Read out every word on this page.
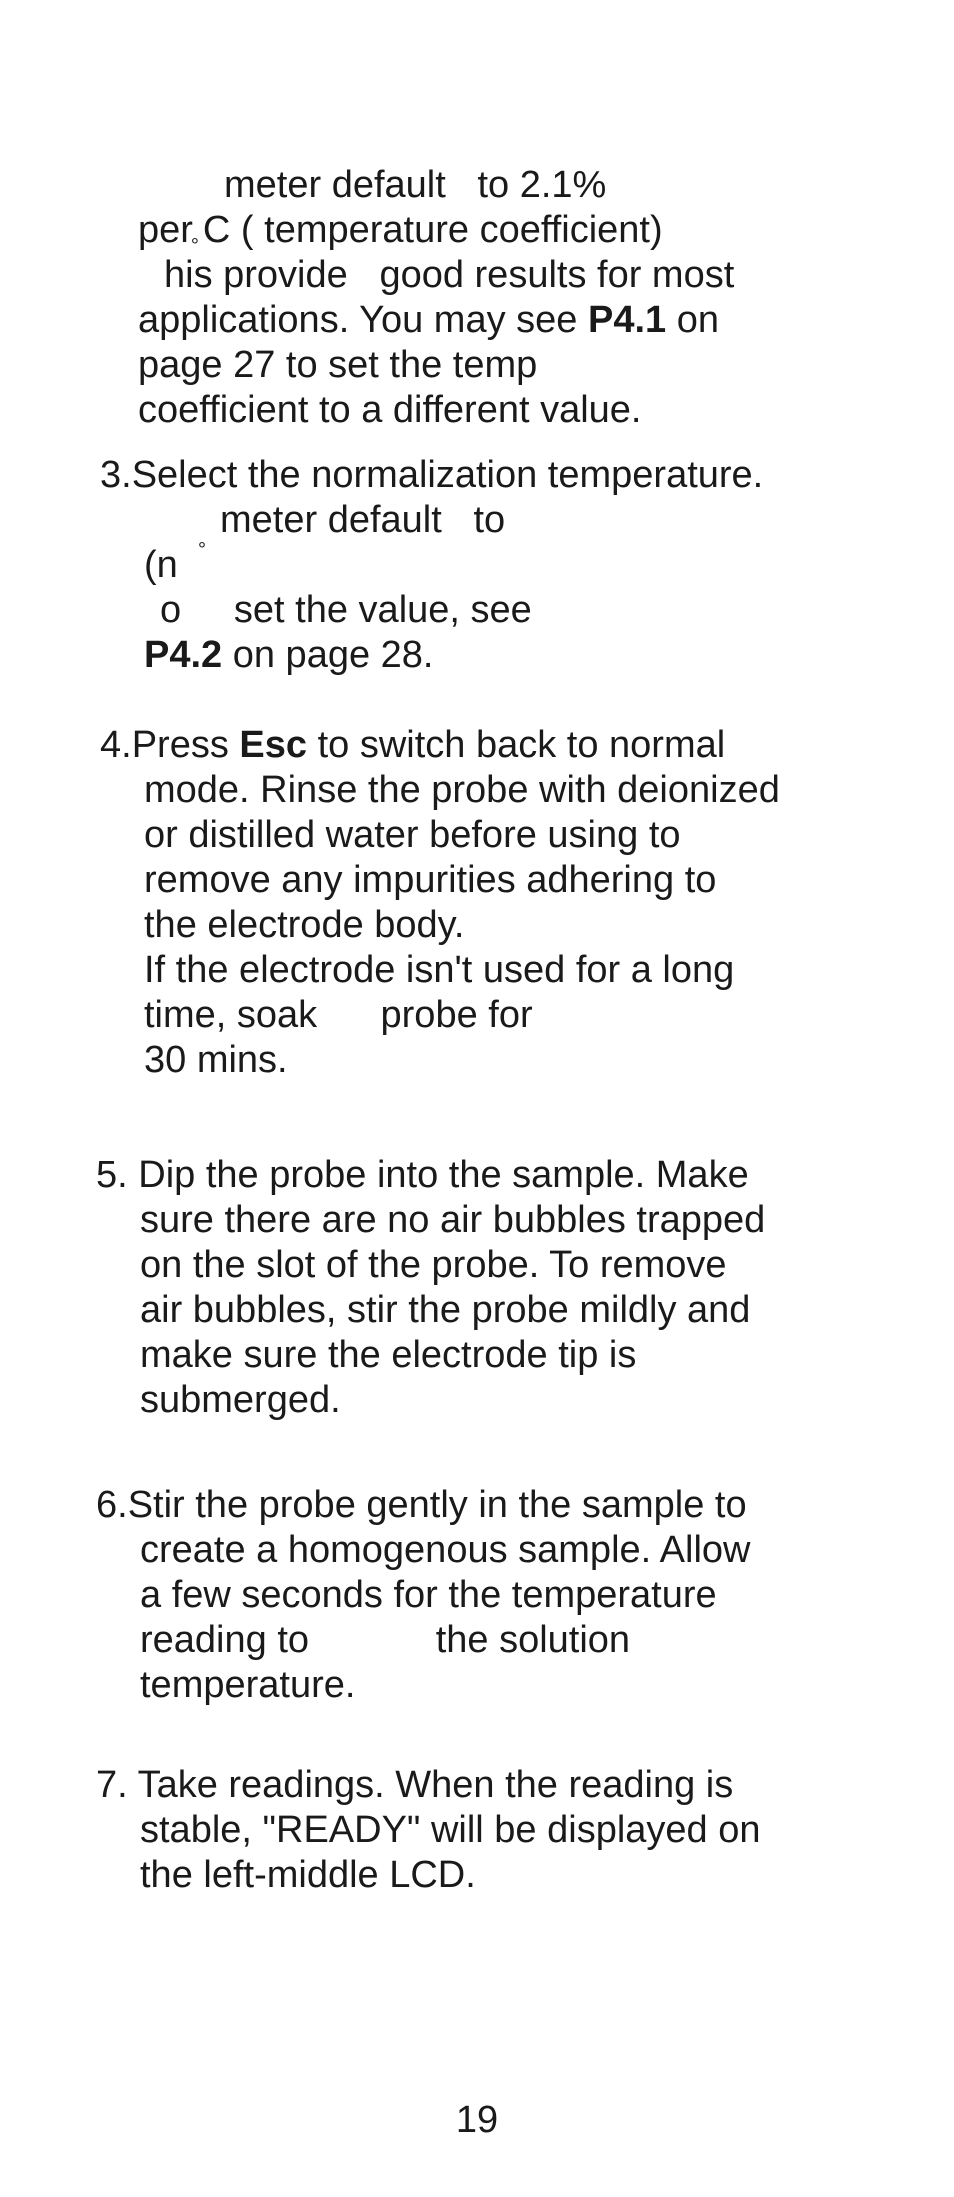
meter default   to 2.1%
per
° C ( temperature coefficient)
his provide   good results for most
applications. You may see P4.1 on
page 27 to set the temp
coefficient to a different value.
3.Select the normalization temperature.
meter default   to
°
(n
o     set the value, see
P4.2 on page 28.
4.Press Esc to switch back to normal
mode. Rinse the probe with deionized
or distilled water before using to
remove any impurities adhering to
the electrode body.
If the electrode isn't used for a long
time, soak      probe for
30 mins.
5. Dip the probe into the sample. Make
sure there are no air bubbles trapped
on the slot of the probe. To remove
air bubbles, stir the probe mildly and
make sure the electrode tip is
submerged.
6.Stir the probe gently in the sample to
create a homogenous sample. Allow
a few seconds for the temperature
reading to            the solution
temperature.
7. Take readings. When the reading is
stable, "READY" will be displayed on
the left-middle LCD.
19
